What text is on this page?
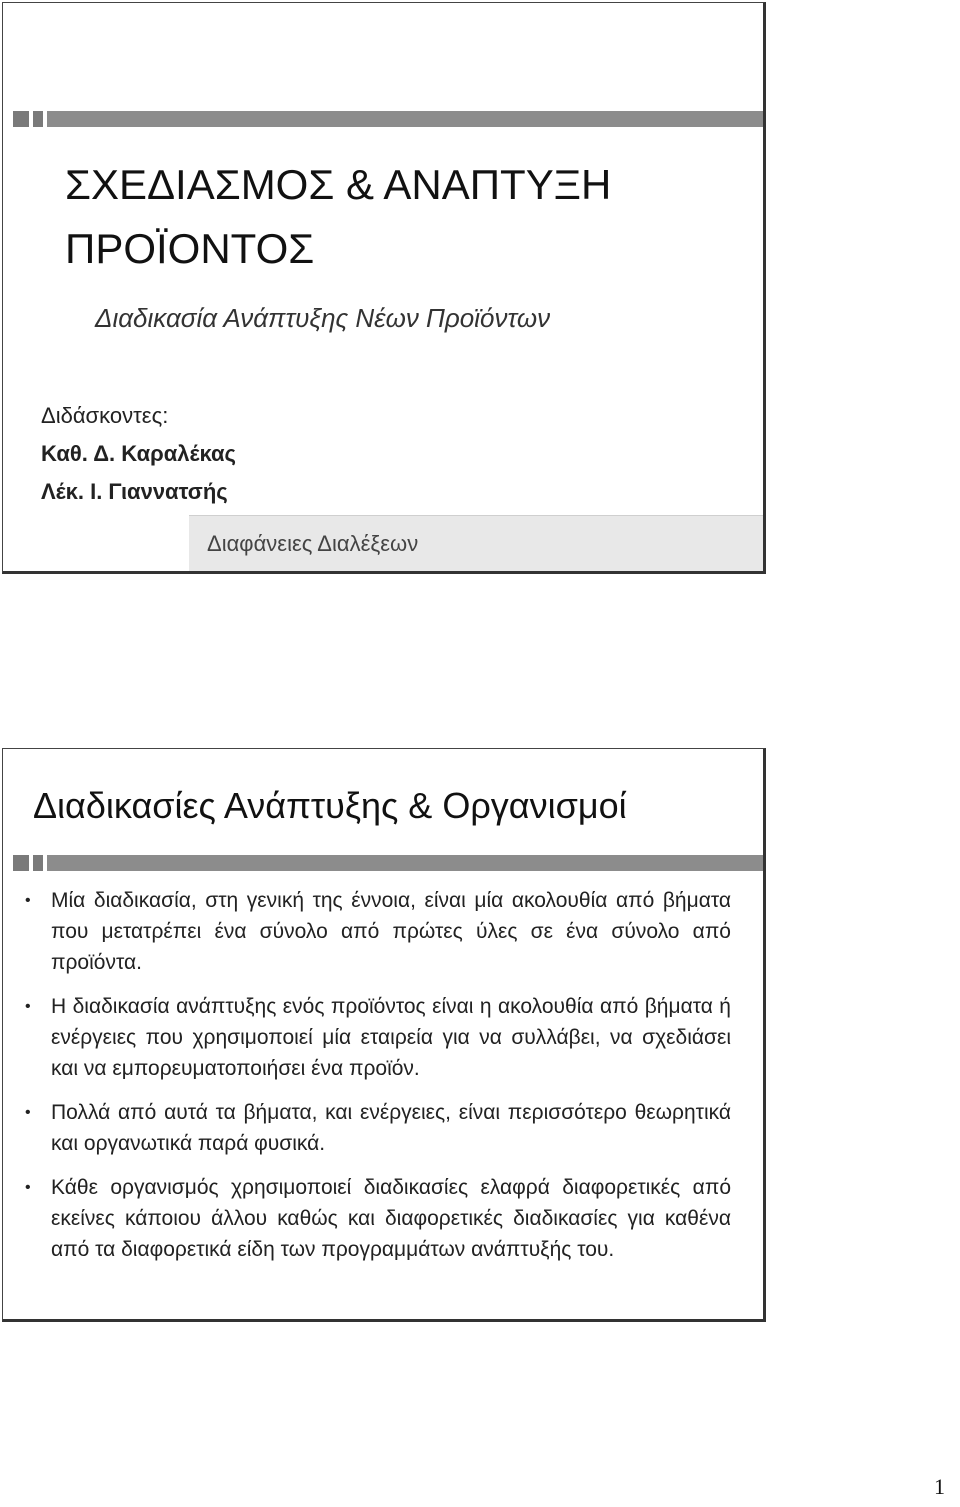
ΣΧΕΔΙΑΣΜΟΣ & ΑΝΑΠΤΥΞΗ
ΠΡΟΪΟΝΤΟΣ

Διαδικασία Ανάπτυξης Νέων Προϊόντων

Διδάσκοντες:
Καθ. Δ. Καραλέκας
Λέκ. Ι. Γιαννατσής
Διαφάνειες Διαλέξεων
Διαδικασίες Ανάπτυξης & Οργανισμοί
• Μία διαδικασία, στη γενική της έννοια, είναι μία ακολουθία από βήματα που μετατρέπει ένα σύνολο από πρώτες ύλες σε ένα σύνολο από προϊόντα.
• Η διαδικασία ανάπτυξης ενός προϊόντος είναι η ακολουθία από βήματα ή ενέργειες που χρησιμοποιεί μία εταιρεία για να συλλάβει, να σχεδιάσει και να εμπορευματοποιήσει ένα προϊόν.
• Πολλά από αυτά τα βήματα, και ενέργειες, είναι περισσότερο θεωρητικά και οργανωτικά παρά φυσικά.
• Κάθε οργανισμός χρησιμοποιεί διαδικασίες ελαφρά διαφορετικές από εκείνες κάποιου άλλου καθώς και διαφορετικές διαδικασίες για καθένα από τα διαφορετικά είδη των προγραμμάτων ανάπτυξής του.
1
